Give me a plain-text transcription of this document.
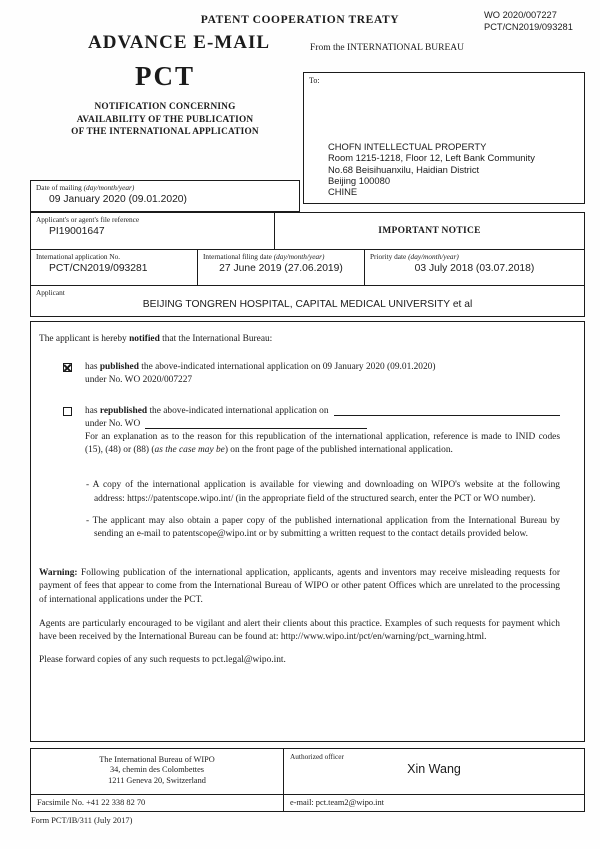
PATENT COOPERATION TREATY	WO 2020/007227
PCT/CN2019/093281
ADVANCE E-MAIL	From the INTERNATIONAL BUREAU
PCT
NOTIFICATION CONCERNING
AVAILABILITY OF THE PUBLICATION
OF THE INTERNATIONAL APPLICATION
Date of mailing (day/month/year)
09 January 2020 (09.01.2020)
To:
CHOFN INTELLECTUAL PROPERTY
Room 1215-1218, Floor 12, Left Bank Community
No.68 Beisihuanxilu, Haidian District
Beijing 100080
CHINE
Applicant's or agent's file reference
PI19001647	IMPORTANT NOTICE
International application No.
PCT/CN2019/093281
International filing date (day/month/year)
27 June 2019 (27.06.2019)
Priority date (day/month/year)
03 July 2018 (03.07.2018)
Applicant
BEIJING TONGREN HOSPITAL, CAPITAL MEDICAL UNIVERSITY et al
The applicant is hereby notified that the International Bureau:
has published the above-indicated international application on 09 January 2020 (09.01.2020)
under No. WO 2020/007227
has republished the above-indicated international application on
under No. WO
For an explanation as to the reason for this republication of the international application, reference is made to INID codes (15), (48) or (88) (as the case may be) on the front page of the published international application.
- A copy of the international application is available for viewing and downloading on WIPO's website at the following address: https://patentscope.wipo.int/ (in the appropriate field of the structured search, enter the PCT or WO number).
- The applicant may also obtain a paper copy of the published international application from the International Bureau by sending an e-mail to patentscope@wipo.int or by submitting a written request to the contact details provided below.
Warning: Following publication of the international application, applicants, agents and inventors may receive misleading requests for payment of fees that appear to come from the International Bureau of WIPO or other patent Offices which are unrelated to the processing of international applications under the PCT.
Agents are particularly encouraged to be vigilant and alert their clients about this practice. Examples of such requests for payment which have been received by the International Bureau can be found at: http://www.wipo.int/pct/en/warning/pct_warning.html.
Please forward copies of any such requests to pct.legal@wipo.int.
The International Bureau of WIPO
34, chemin des Colombettes
1211 Geneva 20, Switzerland
Authorized officer
Xin Wang
Facsimile No. +41 22 338 82 70	e-mail: pct.team2@wipo.int
Form PCT/IB/311 (July 2017)
